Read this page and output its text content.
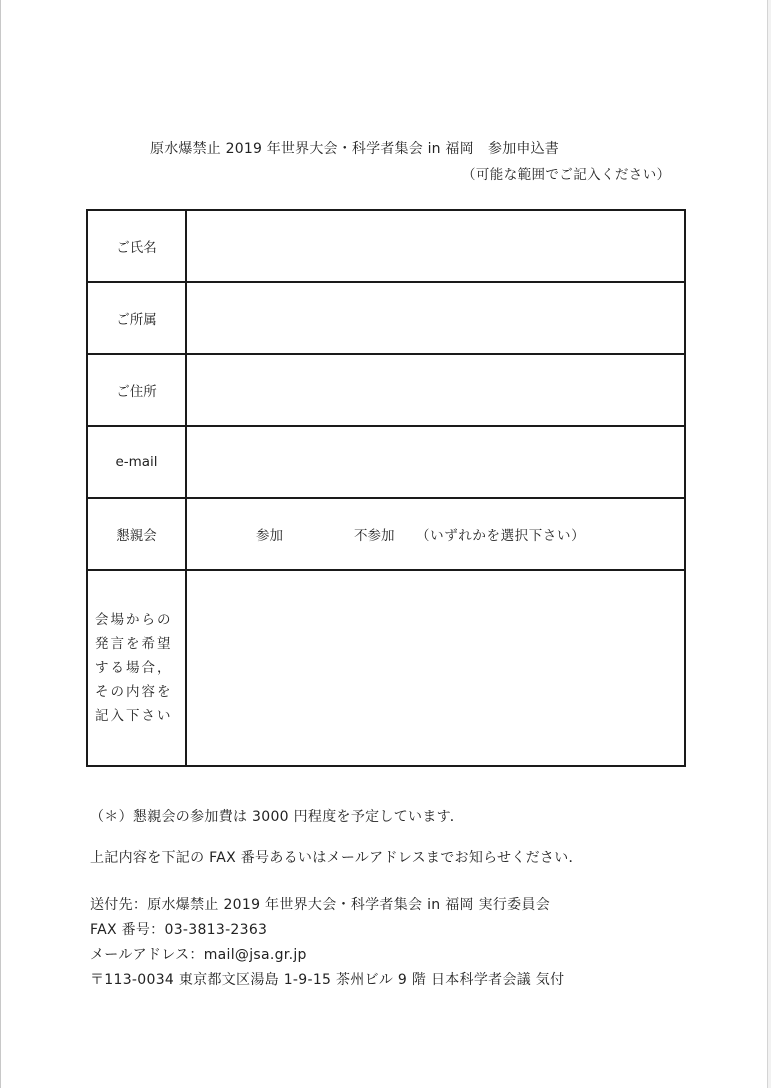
原水爆禁止 2019 年世界大会・科学者集会 in 福岡　参加申込書
（可能な範囲でご記入ください）
ご氏名	

ご所属	

ご住所	

e-mail	

懇親会	参加 不参加 （いずれかを選択下さい）

会場からの
発言を希望
する場合，
その内容を
記入下さい	

（＊）懇親会の参加費は 3000 円程度を予定しています．
上記内容を下記の FAX 番号あるいはメールアドレスまでお知らせください．
送付先：原水爆禁止 2019 年世界大会・科学者集会 in 福岡 実行委員会
FAX 番号：03-3813-2363
メールアドレス：mail@jsa.gr.jp
〒113-0034 東京都文区湯島 1-9-15 茶州ビル 9 階 日本科学者会議 気付
